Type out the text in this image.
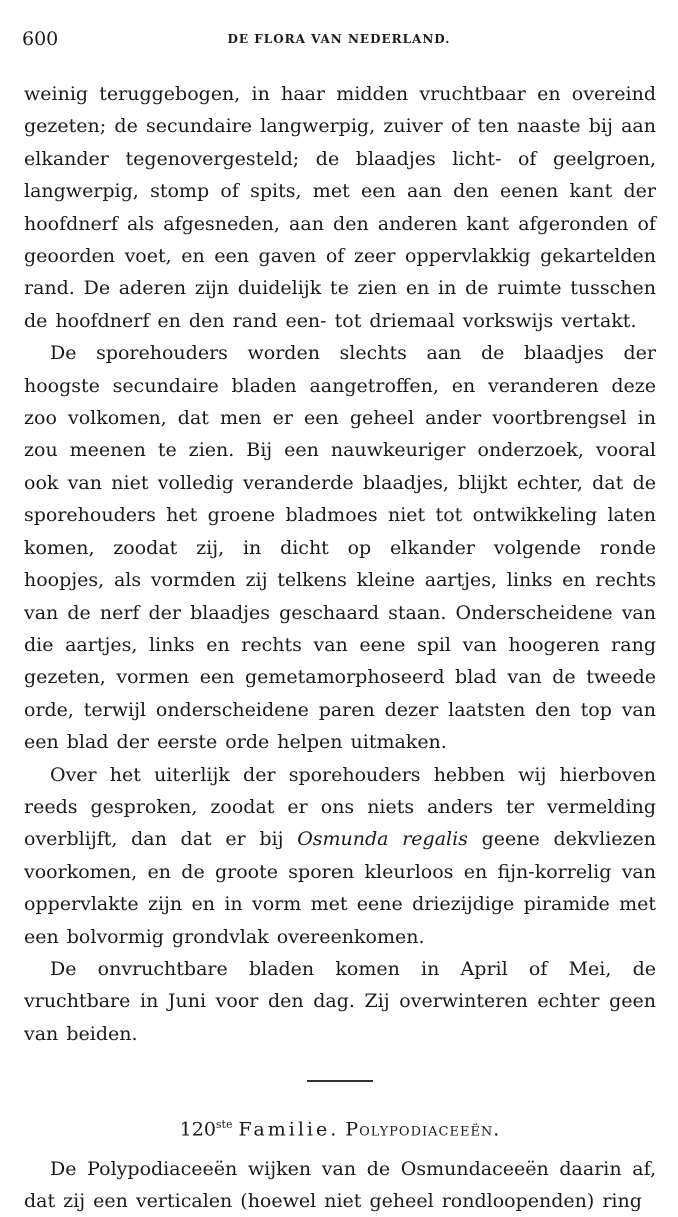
600	DE FLORA VAN NEDERLAND.

weinig teruggebogen, in haar midden vruchtbaar en overeind gezeten; de secundaire langwerpig, zuiver of ten naaste bij aan elkander tegenovergesteld; de blaadjes licht- of geelgroen, langwerpig, stomp of spits, met een aan den eenen kant der hoofdnerf als afgesneden, aan den anderen kant afgeronden of geoorden voet, en een gaven of zeer oppervlakkig gekartelden rand. De aderen zijn duidelijk te zien en in de ruimte tusschen de hoofdnerf en den rand een- tot driemaal vorkswijs vertakt.

De sporehouders worden slechts aan de blaadjes der hoogste secundaire bladen aangetroffen, en veranderen deze zoo volkomen, dat men er een geheel ander voortbrengsel in zou meenen te zien. Bij een nauwkeuriger onderzoek, vooral ook van niet volledig veranderde blaadjes, blijkt echter, dat de sporehouders het groene bladmoes niet tot ontwikkeling laten komen, zoodat zij, in dicht op elkander volgende ronde hoopjes, als vormden zij telkens kleine aartjes, links en rechts van de nerf der blaadjes geschaard staan. Onderscheidene van die aartjes, links en rechts van eene spil van hoogeren rang gezeten, vormen een gemetamorphoseerd blad van de tweede orde, terwijl onderscheidene paren dezer laatsten den top van een blad der eerste orde helpen uitmaken.

Over het uiterlijk der sporehouders hebben wij hierboven reeds gesproken, zoodat er ons niets anders ter vermelding overblijft, dan dat er bij Osmunda regalis geene dekvliezen voorkomen, en de groote sporen kleurloos en fijn-korrelig van oppervlakte zijn en in vorm met eene driezijdige piramide met een bolvormig grondvlak overeenkomen.

De onvruchtbare bladen komen in April of Mei, de vruchtbare in Juni voor den dag. Zij overwinteren echter geen van beiden.

120ste Familie. Polypodiaceeën.

De Polypodiaceeën wijken van de Osmundaceeën daarin af, dat zij een verticalen (hoewel niet geheel rondloopenden) ring
